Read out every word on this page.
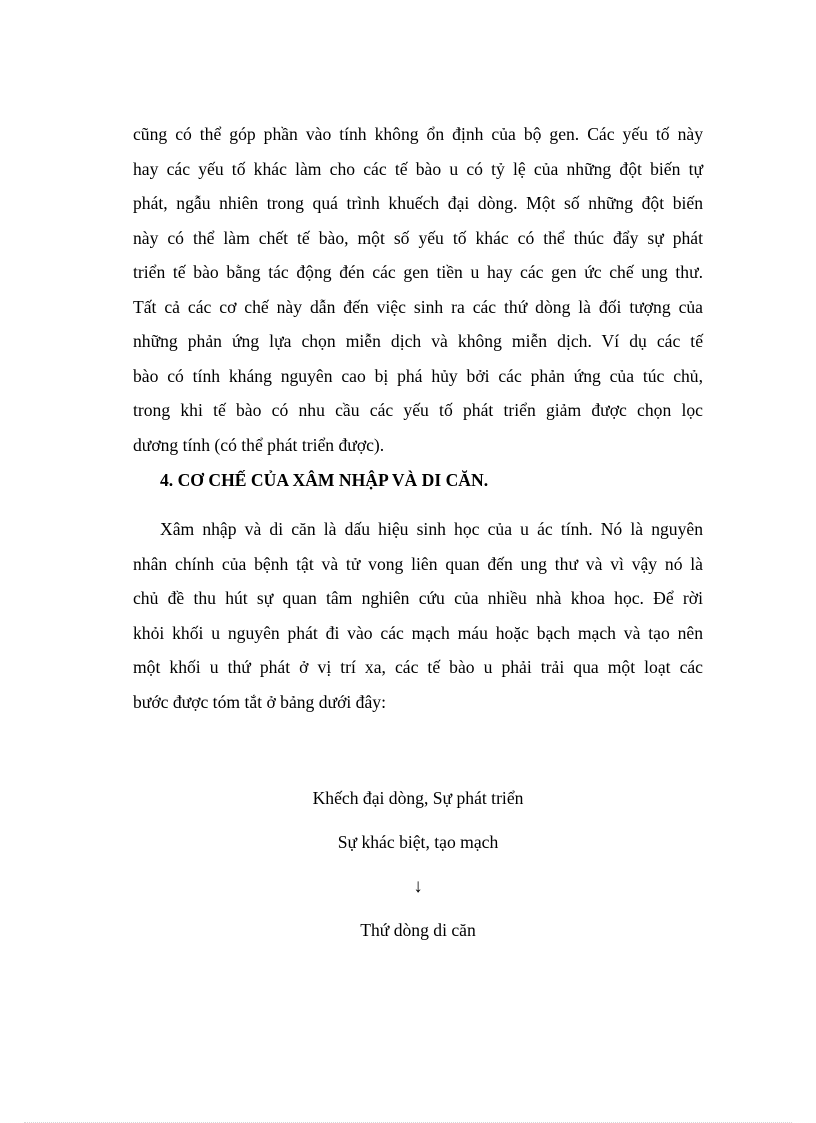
cũng có thể góp phần vào tính không ổn định của bộ gen. Các yếu tố này
hay các yếu tố khác làm cho các tế bào u có tỷ lệ của những đột biến tự
phát, ngẫu nhiên trong quá trình khuếch đại dòng. Một số những đột biến
này có thể làm chết tế bào, một số yếu tố khác có thể thúc đẩy sự phát
triển tế bào bằng tác động đén các gen tiền u hay các gen ức chế ung thư.
Tất cả các cơ chế này dẫn đến việc sinh ra các thứ dòng là đối tượng của
những phản ứng lựa chọn miễn dịch và không miễn dịch. Ví dụ các tế
bào có tính kháng nguyên cao bị phá hủy bởi các phản ứng của túc chủ,
trong khi tế bào có nhu cầu các yếu tố phát triển giảm được chọn lọc
dương tính (có thể phát triển được).
4. CƠ CHẾ CỦA XÂM NHẬP VÀ DI CĂN.
Xâm nhập và di căn là dấu hiệu sinh học của u ác tính. Nó là nguyên
nhân chính của bệnh tật và tử vong liên quan đến ung thư và vì vậy nó là
chủ đề thu hút sự quan tâm nghiên cứu của nhiều nhà khoa học. Để rời
khỏi khối u nguyên phát đi vào các mạch máu hoặc bạch mạch và tạo nên
một khối u thứ phát ở vị trí xa, các tế bào u phải trải qua một loạt các
bước được tóm tắt ở bảng dưới đây:

Khếch đại dòng, Sự phát triển

Sự khác biệt, tạo mạch

↓

Thứ dòng di căn
